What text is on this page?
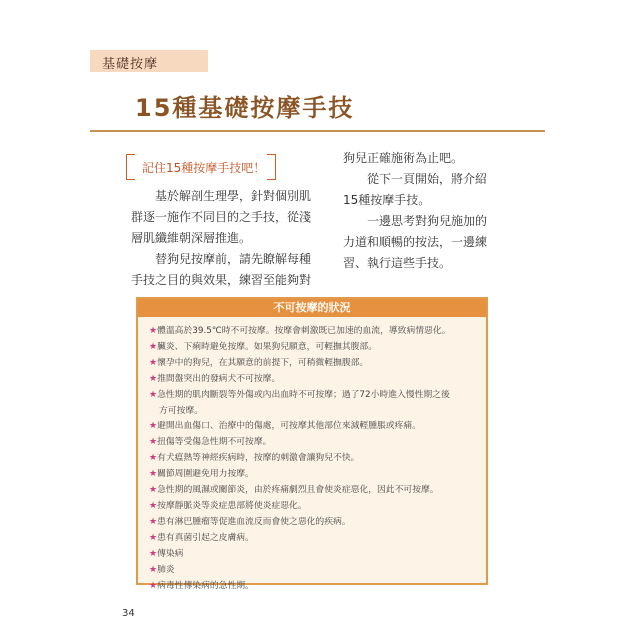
基礎按摩
15種基礎按摩手技
記住15種按摩手技吧！

基於解剖生理學，針對個別肌群逐一施作不同目的之手技，從淺層肌纖維朝深層推進。

替狗兒按摩前，請先瞭解每種手技之目的與效果，練習至能夠對

狗兒正確施術為止吧。

從下一頁開始，將介紹15種按摩手技。

一邊思考對狗兒施加的力道和順暢的按法，一邊練習、執行這些手技。

不可按摩的狀況
★體溫高於39.5℃時不可按摩。按摩會刺激既已加速的血流，導致病情惡化。
★臟炎、下痢時避免按摩。如果狗兒願意，可輕撫其腹部。
★懷孕中的狗兒，在其願意的前提下，可稍微輕撫腹部。
★推間盤突出的發病犬不可按摩。
★急性期的肌肉斷裂等外傷或內出血時不可按摩；過了72小時進入慢性期之後
方可按摩。
★避開出血傷口、治療中的傷處，可按摩其他部位來減輕腫脹或疼痛。
★扭傷等受傷急性期不可按摩。
★有犬瘟熱等神經疾病時，按摩的刺激會讓狗兒不快。
★關節周圍避免用力按摩。
★急性期的風濕或關節炎，由於疼痛劇烈且會使炎症惡化，因此不可按摩。
★按摩靜脈炎等炎症患部將使炎症惡化。
★患有淋巴腫瘤等促進血流反而會使之惡化的疾病。
★患有真菌引起之皮膚病。
★傳染病
★肺炎
★病毒性傳染病的急性期。
34
